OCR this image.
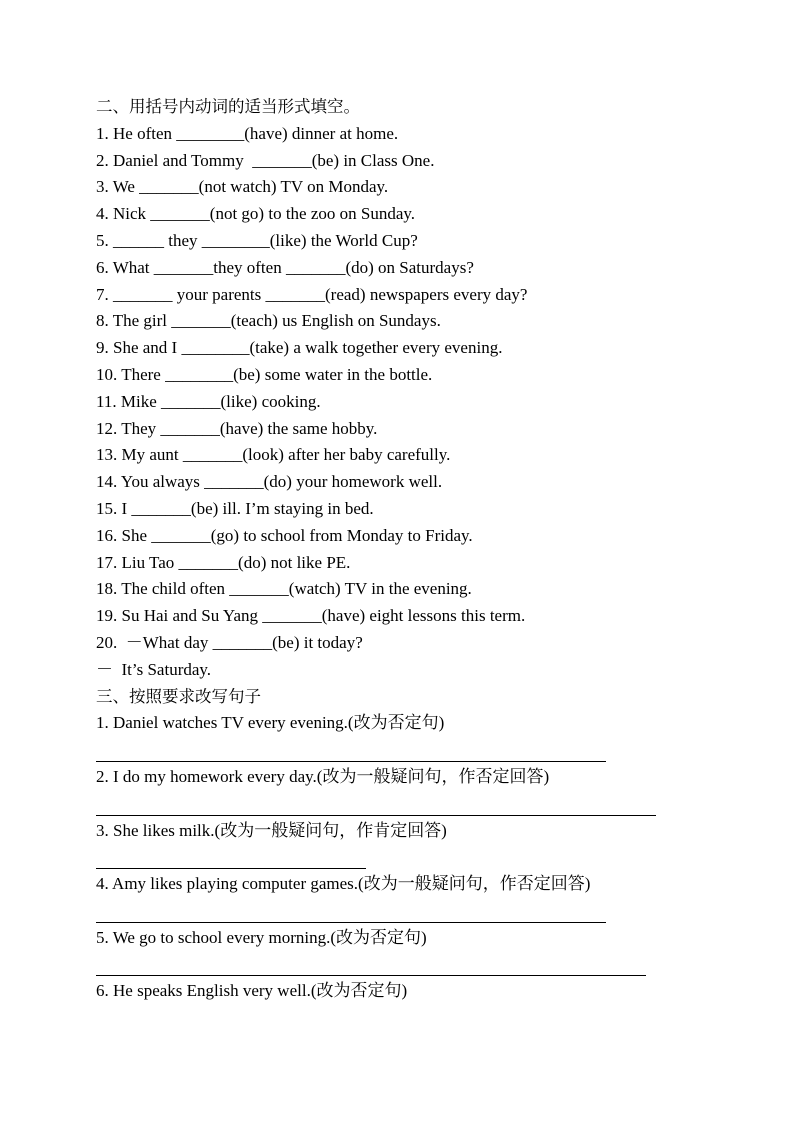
二、用括号内动词的适当形式填空。
1. He often ________(have) dinner at home.
2. Daniel and Tommy  _______(be) in Class One.
3. We _______(not watch) TV on Monday.
4. Nick _______(not go) to the zoo on Sunday.
5. ______ they ________(like) the World Cup?
6. What _______they often _______(do) on Saturdays?
7. _______ your parents _______(read) newspapers every day?
8. The girl _______(teach) us English on Sundays.
9. She and I ________(take) a walk together every evening.
10. There ________(be) some water in the bottle.
11. Mike _______(like) cooking.
12. They _______(have) the same hobby.
13. My aunt _______(look) after her baby carefully.
14. You always _______(do) your homework well.
15. I _______(be) ill. I’m staying in bed.
16. She _______(go) to school from Monday to Friday.
17. Liu Tao _______(do) not like PE.
18. The child often _______(watch) TV in the evening.
19. Su Hai and Su Yang _______(have) eight lessons this term.
20.  －What day _______(be) it today?
－  It’s Saturday.
三、按照要求改写句子
1. Daniel watches TV every evening.(改为否定句)
2. I do my homework every day.(改为一般疑问句，作否定回答)
3. She likes milk.(改为一般疑问句，作肯定回答)
4. Amy likes playing computer games.(改为一般疑问句，作否定回答)
5. We go to school every morning.(改为否定句)
6. He speaks English very well.(改为否定句)
